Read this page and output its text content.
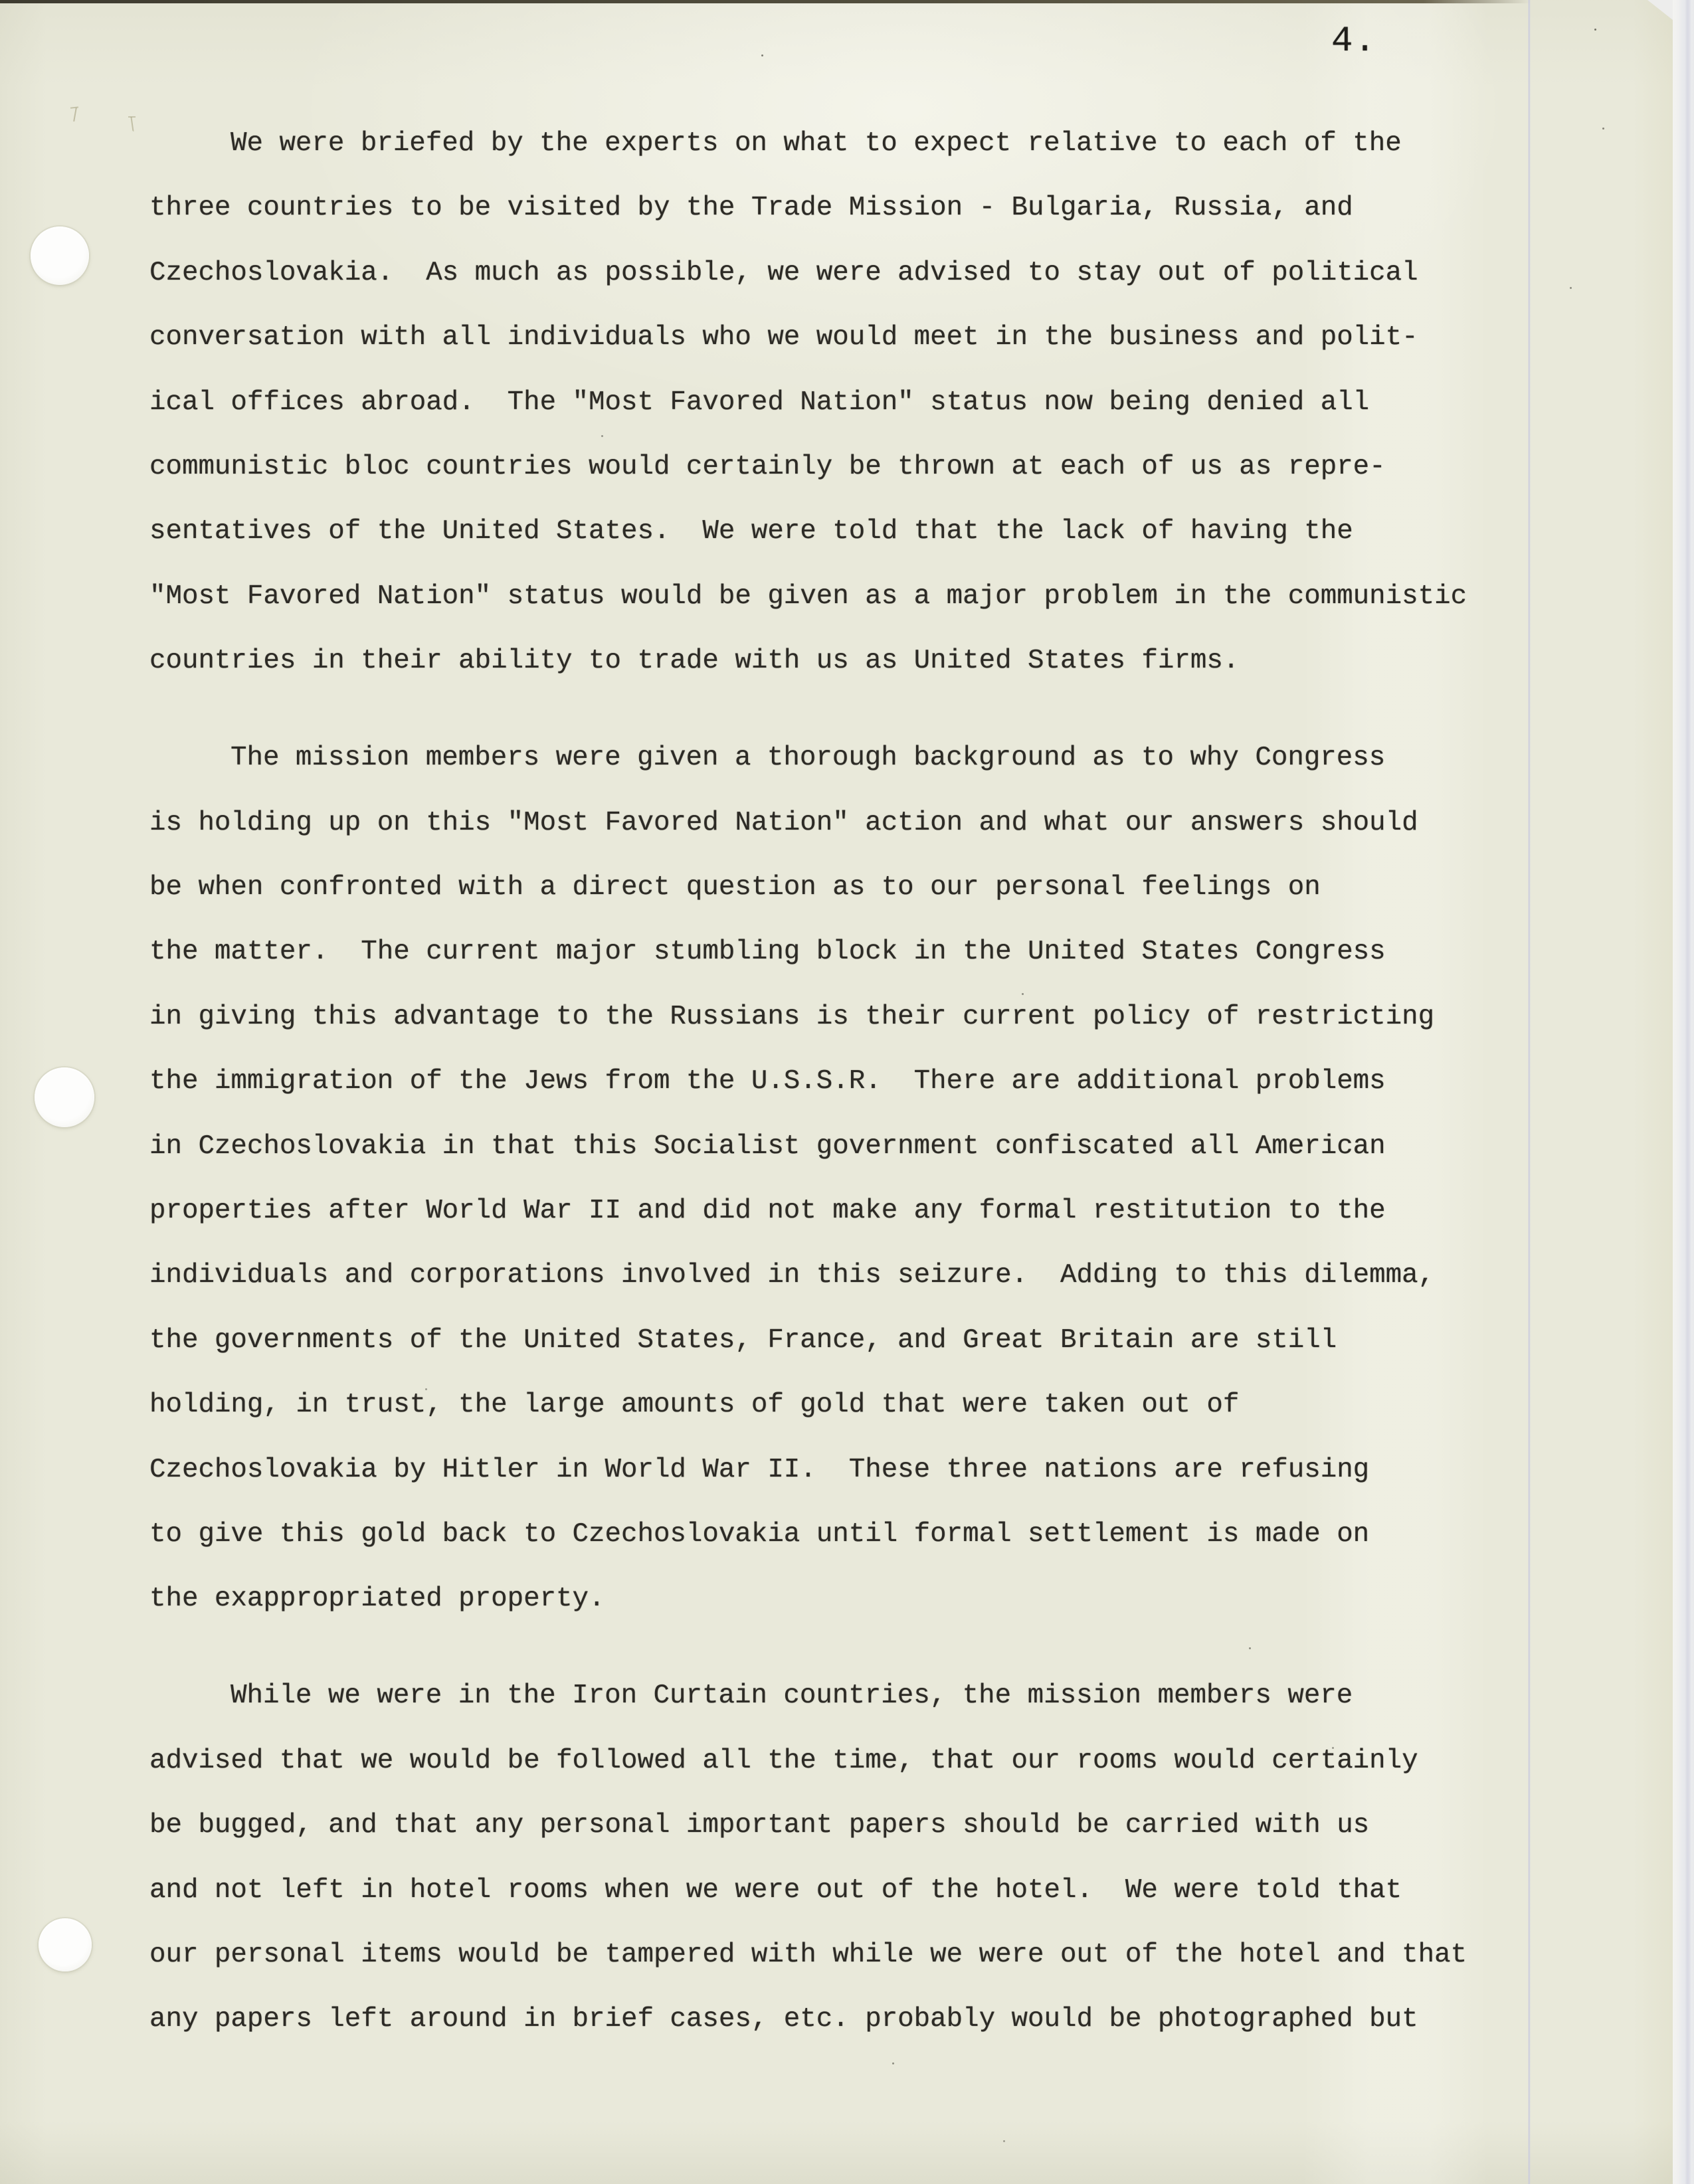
4.
We were briefed by the experts on what to expect relative to each of the
three countries to be visited by the Trade Mission - Bulgaria, Russia, and
Czechoslovakia.  As much as possible, we were advised to stay out of political
conversation with all individuals who we would meet in the business and polit-
ical offices abroad.  The "Most Favored Nation" status now being denied all
communistic bloc countries would certainly be thrown at each of us as repre-
sentatives of the United States.  We were told that the lack of having the
"Most Favored Nation" status would be given as a major problem in the communistic
countries in their ability to trade with us as United States firms.
The mission members were given a thorough background as to why Congress
is holding up on this "Most Favored Nation" action and what our answers should
be when confronted with a direct question as to our personal feelings on
the matter.  The current major stumbling block in the United States Congress
in giving this advantage to the Russians is their current policy of restricting
the immigration of the Jews from the U.S.S.R.  There are additional problems
in Czechoslovakia in that this Socialist government confiscated all American
properties after World War II and did not make any formal restitution to the
individuals and corporations involved in this seizure.  Adding to this dilemma,
the governments of the United States, France, and Great Britain are still
holding, in trust, the large amounts of gold that were taken out of
Czechoslovakia by Hitler in World War II.  These three nations are refusing
to give this gold back to Czechoslovakia until formal settlement is made on
the exappropriated property.
While we were in the Iron Curtain countries, the mission members were
advised that we would be followed all the time, that our rooms would certainly
be bugged, and that any personal important papers should be carried with us
and not left in hotel rooms when we were out of the hotel.  We were told that
our personal items would be tampered with while we were out of the hotel and that
any papers left around in brief cases, etc. probably would be photographed but
